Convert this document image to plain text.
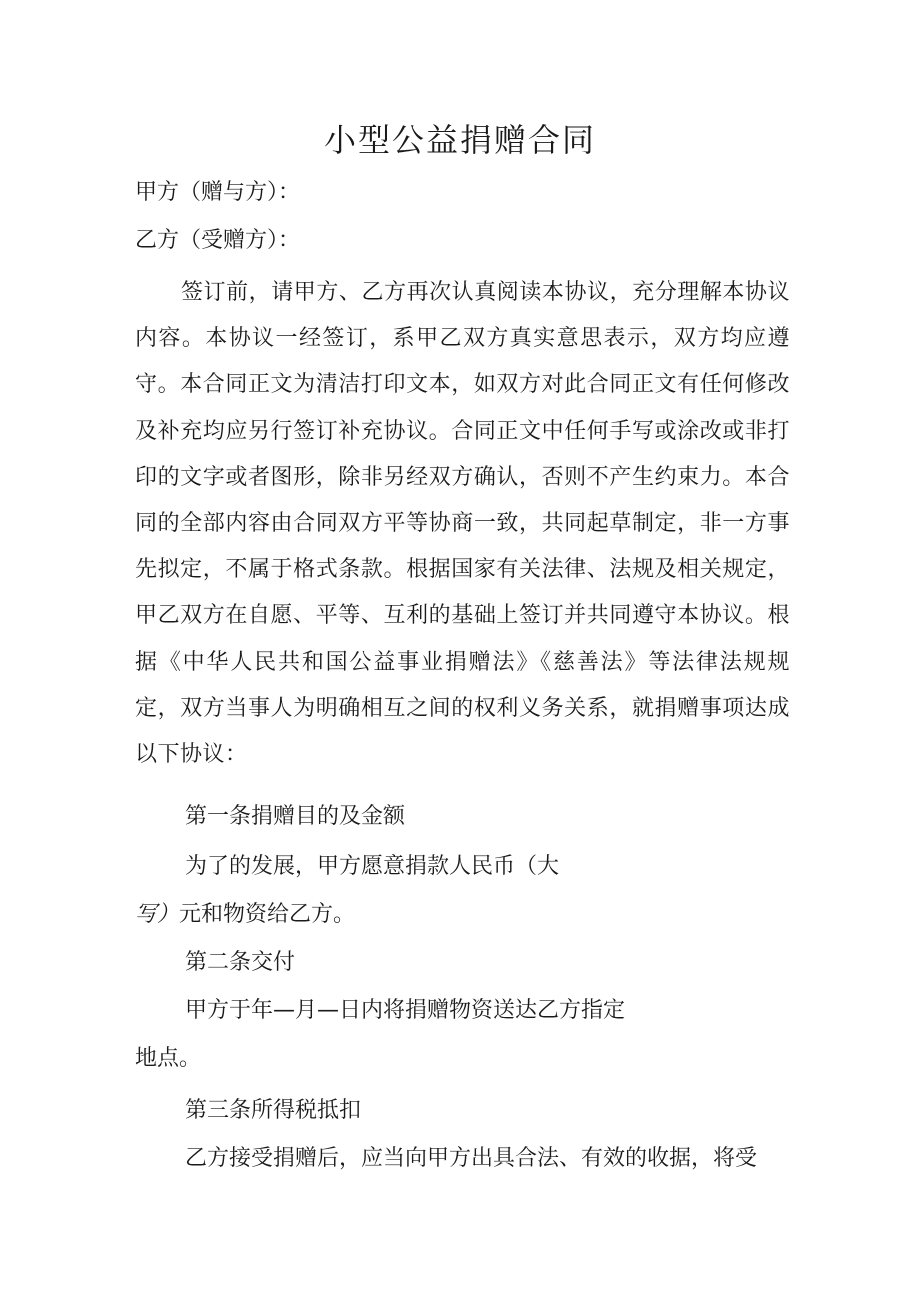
小型公益捐赠合同

甲方（赠与方）：

乙方（受赠方）：

签订前，请甲方、乙方再次认真阅读本协议，充分理解本协议内容。本协议一经签订，系甲乙双方真实意思表示，双方均应遵守。本合同正文为清洁打印文本，如双方对此合同正文有任何修改及补充均应另行签订补充协议。合同正文中任何手写或涂改或非打印的文字或者图形，除非另经双方确认，否则不产生约束力。本合同的全部内容由合同双方平等协商一致，共同起草制定，非一方事先拟定，不属于格式条款。根据国家有关法律、法规及相关规定，甲乙双方在自愿、平等、互利的基础上签订并共同遵守本协议。根据《中华人民共和国公益事业捐赠法》《慈善法》等法律法规规定，双方当事人为明确相互之间的权利义务关系，就捐赠事项达成以下协议：

第一条捐赠目的及金额

为了的发展，甲方愿意捐款人民币（大

写）元和物资给乙方。

第二条交付

甲方于年—月—日内将捐赠物资送达乙方指定

地点。

第三条所得税抵扣

乙方接受捐赠后，应当向甲方出具合法、有效的收据，将受
